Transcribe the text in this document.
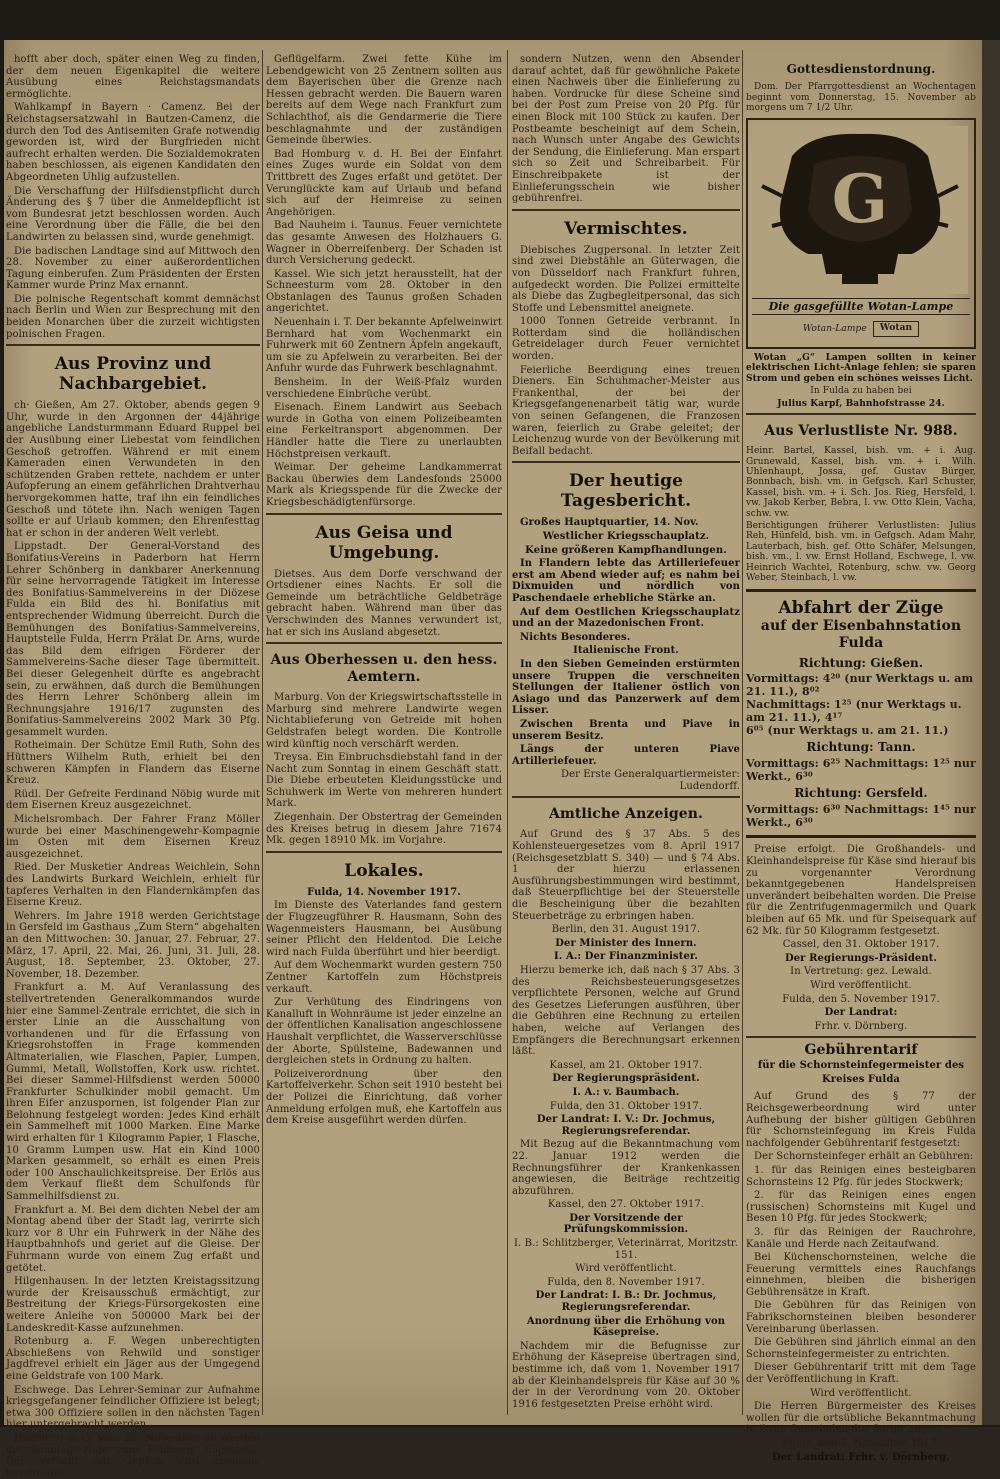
hofft aber doch, später einen Weg zu finden, der dem neuen Eigenkapitel die weitere Ausübung eines Reichstagsmandats ermöglichte.

Wahlkampf in Bayern · Camenz. Bei der Reichstagsersatzwahl in Bautzen-Camenz, die durch den Tod des Antisemiten Grafe notwendig geworden ist, wird der Burgfrieden nicht aufrecht erhalten werden. Die Sozialdemokraten haben beschlossen, als eigenen Kandidaten den Abgeordneten Uhlig aufzustellen.

Die Verschaffung der Hilfsdienstpflicht durch Änderung des § 7 über die Anmeldepflicht ist vom Bundesrat jetzt beschlossen worden. Auch eine Verordnung über die Fälle, die bei den Landwirten zu belassen sind, wurde genehmigt.

Die badischen Landtage sind auf Mittwoch den 28. November zu einer außerordentlichen Tagung einberufen. Zum Präsidenten der Ersten Kammer wurde Prinz Max ernannt.

Die polnische Regentschaft kommt demnächst nach Berlin und Wien zur Besprechung mit den beiden Monarchen über die zurzeit wichtigsten polnischen Fragen.

Aus Provinz und Nachbargebiet.

ch· Gießen, Am 27. Oktober, abends gegen 9 Uhr, wurde in den Argonnen der 44jährige angebliche Landsturmmann Eduard Ruppel bei der Ausübung einer Liebestat vom feindlichen Geschoß getroffen. Während er mit einem Kameraden einen Verwundeten in den schützenden Graben rettete, nachdem er unter Aufopferung an einem gefährlichen Drahtverhau hervorgekommen hatte, traf ihn ein feindliches Geschoß und tötete ihn. Nach wenigen Tagen sollte er auf Urlaub kommen; den Ehrenfesttag hat er schon in der anderen Welt verlebt.

Lippstadt. Der General-Vorstand des Bonifatius-Vereins in Paderborn hat Herrn Lehrer Schönberg in dankbarer Anerkennung für seine hervorragende Tätigkeit im Interesse des Bonifatius-Sammelvereins in der Diözese Fulda ein Bild des hl. Bonifatius mit entsprechender Widmung überreicht. Durch die Bemühungen des Bonifatius-Sammelvereins, Hauptstelle Fulda, Herrn Prälat Dr. Arns, wurde das Bild dem eifrigen Förderer der Sammelvereins-Sache dieser Tage übermittelt. Bei dieser Gelegenheit dürfte es angebracht sein, zu erwähnen, daß durch die Bemühungen des Herrn Lehrer Schönberg allein im Rechnungsjahre 1916/17 zugunsten des Bonifatius-Sammelvereins 2002 Mark 30 Pfg. gesammelt wurden.

Rotheimain. Der Schütze Emil Ruth, Sohn des Hüttners Wilhelm Ruth, erhielt bei den schweren Kämpfen in Flandern das Eiserne Kreuz.

Rüdl. Der Gefreite Ferdinand Nöbig wurde mit dem Eisernen Kreuz ausgezeichnet.

Michelsrombach. Der Fahrer Franz Möller wurde bei einer Maschinengewehr-Kompagnie im Osten mit dem Eisernen Kreuz ausgezeichnet.

Ried. Der Musketier Andreas Weichlein, Sohn des Landwirts Burkard Weichlein, erhielt für tapferes Verhalten in den Flandernkämpfen das Eiserne Kreuz.

Wehrers. Im Jahre 1918 werden Gerichtstage in Gersfeld im Gasthaus „Zum Stern“ abgehalten an den Mittwochen: 30. Januar, 27. Februar, 27. März, 17. April, 22. Mai, 26. Juni, 31. Juli, 28. August, 18. September, 23. Oktober, 27. November, 18. Dezember.

Frankfurt a. M. Auf Veranlassung des stellvertretenden Generalkommandos wurde hier eine Sammel-Zentrale errichtet, die sich in erster Linie an die Ausschaltung von vorhandenen und für die Erfassung von Kriegsrohstoffen in Frage kommenden Altmaterialien, wie Flaschen, Papier, Lumpen, Gummi, Metall, Wollstoffen, Kork usw. richtet. Bei dieser Sammel-Hilfsdienst werden 50000 Frankfurter Schulkinder mobil gemacht. Um ihren Eifer anzuspornen, ist folgender Plan zur Belohnung festgelegt worden: Jedes Kind erhält ein Sammelheft mit 1000 Marken. Eine Marke wird erhalten für 1 Kilogramm Papier, 1 Flasche, 10 Gramm Lumpen usw. Hat ein Kind 1000 Marken gesammelt, so erhält es einen Preis oder 100 Anschaulichkeitspreise. Der Erlös aus dem Verkauf fließt dem Schulfonds für Sammelhilfsdienst zu.

Frankfurt a. M. Bei dem dichten Nebel der am Montag abend über der Stadt lag, verirrte sich kurz vor 8 Uhr ein Fuhrwerk in der Nähe des Hauptbahnhofs und geriet auf die Gleise. Der Fuhrmann wurde von einem Zug erfaßt und getötet.

Hilgenhausen. In der letzten Kreistagssitzung wurde der Kreisausschuß ermächtigt, zur Bestreitung der Kriegs-Fürsorgekosten eine weitere Anleihe von 500000 Mark bei der Landeskredit-Kasse aufzunehmen.

Rotenburg a. F. Wegen unberechtigten Abschießens von Rehwild und sonstiger Jagdfrevel erhielt ein Jäger aus der Umgegend eine Geldstrafe von 100 Mark.

Eschwege. Das Lehrer-Seminar zur Aufnahme kriegsgefangener feindlicher Offiziere ist belegt; etwa 300 Offiziere sollen in den nächsten Tagen hier untergebracht werden.

Homburg a. G. Vom 25. November ab werden die Sonntags-Züge zum Feldberg eingestellt. Der Verkehr mit Gepäck wird ebenfalls beschränkt.

Geflügelfarm. Zwei fette Kühe im Lebendgewicht von 25 Zentnern sollten aus dem Bayerischen über die Grenze nach Hessen gebracht werden. Die Bauern waren bereits auf dem Wege nach Frankfurt zum Schlachthof, als die Gendarmerie die Tiere beschlagnahmte und der zuständigen Gemeinde überwies.

Bad Homburg v. d. H. Bei der Einfahrt eines Zuges wurde ein Soldat von dem Trittbrett des Zuges erfaßt und getötet. Der Verunglückte kam auf Urlaub und befand sich auf der Heimreise zu seinen Angehörigen.

Bad Nauheim i. Taunus. Feuer vernichtete das gesamte Anwesen des Holzhauers G. Wagner in Oberreifenberg. Der Schaden ist durch Versicherung gedeckt.

Kassel. Wie sich jetzt herausstellt, hat der Schneesturm vom 28. Oktober in den Obstanlagen des Taunus großen Schaden angerichtet.

Neuenhain i. T. Der bekannte Apfelweinwirt Bernhard hat vom Wochenmarkt ein Fuhrwerk mit 60 Zentnern Äpfeln angekauft, um sie zu Apfelwein zu verarbeiten. Bei der Anfuhr wurde das Fuhrwerk beschlagnahmt.

Bensheim. In der Weiß-Pfalz wurden verschiedene Einbrüche verübt.

Eisenach. Einem Landwirt aus Seebach wurde in Gotha von einem Polizeibeamten eine Ferkeltransport abgenommen. Der Händler hatte die Tiere zu unerlaubten Höchstpreisen verkauft.

Weimar. Der geheime Landkammerrat Backau überwies dem Landesfonds 25000 Mark als Kriegsspende für die Zwecke der Kriegsbeschädigtenfürsorge.

Aus Geisa und Umgebung.

Dietses. Aus dem Dorfe verschwand der Ortsdiener eines Nachts. Er soll die Gemeinde um beträchtliche Geldbeträge gebracht haben. Während man über das Verschwinden des Mannes verwundert ist, hat er sich ins Ausland abgesetzt.

Aus Oberhessen u. den hess. Aemtern.

Marburg. Von der Kriegswirtschaftsstelle in Marburg sind mehrere Landwirte wegen Nichtablieferung von Getreide mit hohen Geldstrafen belegt worden. Die Kontrolle wird künftig noch verschärft werden.

Treysa. Ein Einbruchsdiebstahl fand in der Nacht zum Sonntag in einem Geschäft statt. Die Diebe erbeuteten Kleidungsstücke und Schuhwerk im Werte von mehreren hundert Mark.

Ziegenhain. Der Obstertrag der Gemeinden des Kreises betrug in diesem Jahre 71674 Mk. gegen 18910 Mk. im Vorjahre.

Lokales.

Fulda, 14. November 1917.

Im Dienste des Vaterlandes fand gestern der Flugzeugführer R. Hausmann, Sohn des Wagenmeisters Hausmann, bei Ausübung seiner Pflicht den Heldentod. Die Leiche wird nach Fulda überführt und hier beerdigt.

Auf dem Wochenmarkt wurden gestern 750 Zentner Kartoffeln zum Höchstpreis verkauft.

Zur Verhütung des Eindringens von Kanalluft in Wohnräume ist jeder einzelne an der öffentlichen Kanalisation angeschlossene Haushalt verpflichtet, die Wasserverschlüsse der Aborte, Spülsteine, Badewannen und dergleichen stets in Ordnung zu halten.

Polizeiverordnung über den Kartoffelverkehr. Schon seit 1910 besteht bei der Polizei die Einrichtung, daß vorher Anmeldung erfolgen muß, ehe Kartoffeln aus dem Kreise ausgeführt werden dürfen.

sondern Nutzen, wenn den Absender darauf achtet, daß für gewöhnliche Pakete einen Nachweis über die Einlieferung zu haben. Vordrucke für diese Scheine sind bei der Post zum Preise von 20 Pfg. für einen Block mit 100 Stück zu kaufen. Der Postbeamte bescheinigt auf dem Schein, nach Wunsch unter Angabe des Gewichts der Sendung, die Einlieferung. Man erspart sich so Zeit und Schreibarbeit. Für Einschreibpakete ist der Einlieferungsschein wie bisher gebührenfrei.

Vermischtes.

Diebisches Zugpersonal. In letzter Zeit sind zwei Diebstähle an Güterwagen, die von Düsseldorf nach Frankfurt fuhren, aufgedeckt worden. Die Polizei ermittelte als Diebe das Zugbegleitpersonal, das sich Stoffe und Lebensmittel aneignete.

1000 Tonnen Getreide verbrannt. In Rotterdam sind die holländischen Getreidelager durch Feuer vernichtet worden.

Feierliche Beerdigung eines treuen Dieners. Ein Schuhmacher-Meister aus Frankenthal, der bei der Kriegsgefangenenarbeit tätig war, wurde von seinen Gefangenen, die Franzosen waren, feierlich zu Grabe geleitet; der Leichenzug wurde von der Bevölkerung mit Beifall bedacht.

Der heutige Tagesbericht.

Großes Hauptquartier, 14. Nov.

Westlicher Kriegsschauplatz.

Keine größeren Kampfhandlungen.

In Flandern lebte das Artilleriefeuer erst am Abend wieder auf; es nahm bei Dixmuiden und nördlich von Paschendaele erhebliche Stärke an.

Auf dem Oestlichen Kriegsschauplatz und an der Mazedonischen Front.

Nichts Besonderes.

Italienische Front.

In den Sieben Gemeinden erstürmten unsere Truppen die verschneiten Stellungen der Italiener östlich von Asiago und das Panzerwerk auf dem Lisser.

Zwischen Brenta und Piave in unserem Besitz.

Längs der unteren Piave Artilleriefeuer.

Der Erste Generalquartiermeister: Ludendorff.

Amtliche Anzeigen.

Auf Grund des § 37 Abs. 5 des Kohlensteuergesetzes vom 8. April 1917 (Reichsgesetzblatt S. 340) — und § 74 Abs. 1 der hierzu erlassenen Ausführungsbestimmungen wird bestimmt, daß Steuerpflichtige bei der Steuerstelle die Bescheinigung über die bezahlten Steuerbeträge zu erbringen haben.

Berlin, den 31. August 1917.

Der Minister des Innern.

I. A.: Der Finanzminister.

Hierzu bemerke ich, daß nach § 37 Abs. 3 des Reichsbesteuerungsgesetzes verpflichtete Personen, welche auf Grund des Gesetzes Lieferungen ausführen, über die Gebühren eine Rechnung zu erteilen haben, welche auf Verlangen des Empfängers die Berechnungsart erkennen läßt.

Kassel, am 21. Oktober 1917.

Der Regierungspräsident.

I. A.: v. Baumbach.

Fulda, den 31. Oktober 1917.

Der Landrat: I. V.: Dr. Jochmus, Regierungsreferendar.

Mit Bezug auf die Bekanntmachung vom 22. Januar 1912 werden die Rechnungsführer der Krankenkassen angewiesen, die Beiträge rechtzeitig abzuführen.

Kassel, den 27. Oktober 1917.

Der Vorsitzende der Prüfungskommission.

I. B.: Schlitzberger, Veterinärrat, Moritzstr. 151.

Wird veröffentlicht.

Fulda, den 8. November 1917.

Der Landrat: I. B.: Dr. Jochmus, Regierungsreferendar.

Anordnung über die Erhöhung von Käsepreise.

Nachdem mir die Befugnisse zur Erhöhung der Käsepreise übertragen sind, bestimme ich, daß vom 1. November 1917 ab der Kleinhandelspreis für Käse auf 30 % der in der Verordnung vom 20. Oktober 1916 festgesetzten Preise erhöht wird.

Gottesdienstordnung.

Dom. Der Pfarrgottesdienst an Wochentagen beginnt vom Donnerstag, 15. November ab morgens um 7 1/2 Uhr.

G
Die gasgefüllte Wotan-Lampe
Wotan-Lampe	Wotan

Wotan „G“ Lampen sollten in keiner elektrischen Licht-Anlage fehlen; sie sparen Strom und geben ein schönes weisses Licht.

In Fulda zu haben bei

Julius Karpf, Bahnhofstrasse 24.

Aus Verlustliste Nr. 988.

Heinr. Bartel, Kassel, bish. vm. + i. Aug. Grunewald, Kassel, bish. vm. + i. Wilh. Uhlenhaupt, Jossa, gef. Gustav Bürger, Bonnbach, bish. vm. in Gefgsch. Karl Schuster, Kassel, bish. vm. + i. Sch. Jos. Rieg, Hersfeld, l. vw. Jakob Kerber, Bebra, l. vw. Otto Klein, Vacha, schw. vw.

Berichtigungen früherer Verlustlisten: Julius Reh, Hünfeld, bish. vm. in Gefgsch. Adam Mahr, Lauterbach, bish. gef. Otto Schäfer, Melsungen, bish. vm., l. vw. Ernst Holland, Eschwege, l. vw. Heinrich Wachtel, Rotenburg, schw. vw. Georg Weber, Steinbach, l. vw.

Abfahrt der Züge
auf der Eisenbahnstation Fulda
Richtung: Gießen.
Vormittags: 4²⁰ (nur Werktags u. am 21. 11.), 8⁰²
Nachmittags: 1²⁵ (nur Werktags u. am 21. 11.), 4¹⁷
6⁰⁵ (nur Werktags u. am 21. 11.)
Richtung: Tann.
Vormittags: 6²⁵ Nachmittags: 1²⁵ nur Werkt., 6³⁰
Richtung: Gersfeld.
Vormittags: 6³⁰ Nachmittags: 1⁴⁵ nur Werkt., 6³⁰

Preise erfolgt. Die Großhandels- und Kleinhandelspreise für Käse sind hierauf bis zu vorgenannter Verordnung bekanntgegebenen Handelspreisen unverändert beibehalten worden. Die Preise für die Zentrifugenmagermilch und Quark bleiben auf 65 Mk. und für Speisequark auf 62 Mk. für 50 Kilogramm festgesetzt.

Cassel, den 31. Oktober 1917.

Der Regierungs-Präsident.

In Vertretung: gez. Lewald.

Wird veröffentlicht.

Fulda, den 5. November 1917.

Der Landrat:

Frhr. v. Dörnberg.

Gebührentarif
für die Schornsteinfegermeister des Kreises Fulda

Auf Grund des § 77 der Reichsgewerbeordnung wird unter Aufhebung der bisher gültigen Gebühren für Schornsteinfegung im Kreis Fulda nachfolgender Gebührentarif festgesetzt:

Der Schornsteinfeger erhält an Gebühren:

1. für das Reinigen eines besteigbaren Schornsteins 12 Pfg. für jedes Stockwerk;

2. für das Reinigen eines engen (russischen) Schornsteins mit Kugel und Besen 10 Pfg. für jedes Stockwerk;

3. für das Reinigen der Rauchrohre, Kanäle und Herde nach Zeitaufwand.

Bei Küchenschornsteinen, welche die Feuerung vermittels eines Rauchfangs einnehmen, bleiben die bisherigen Gebührensätze in Kraft.

Die Gebühren für das Reinigen von Fabrikschornsteinen bleiben besonderer Vereinbarung überlassen.

Die Gebühren sind jährlich einmal an den Schornsteinfegermeister zu entrichten.

Dieser Gebührentarif tritt mit dem Tage der Veröffentlichung in Kraft.

Wird veröffentlicht.

Die Herren Bürgermeister des Kreises wollen für die ortsübliche Bekanntmachung in ihren Gemeinden das Sorge tragen.

Fulda, den 5. November 1917.

Der Landrat: Frhr. v. Dörnberg.
